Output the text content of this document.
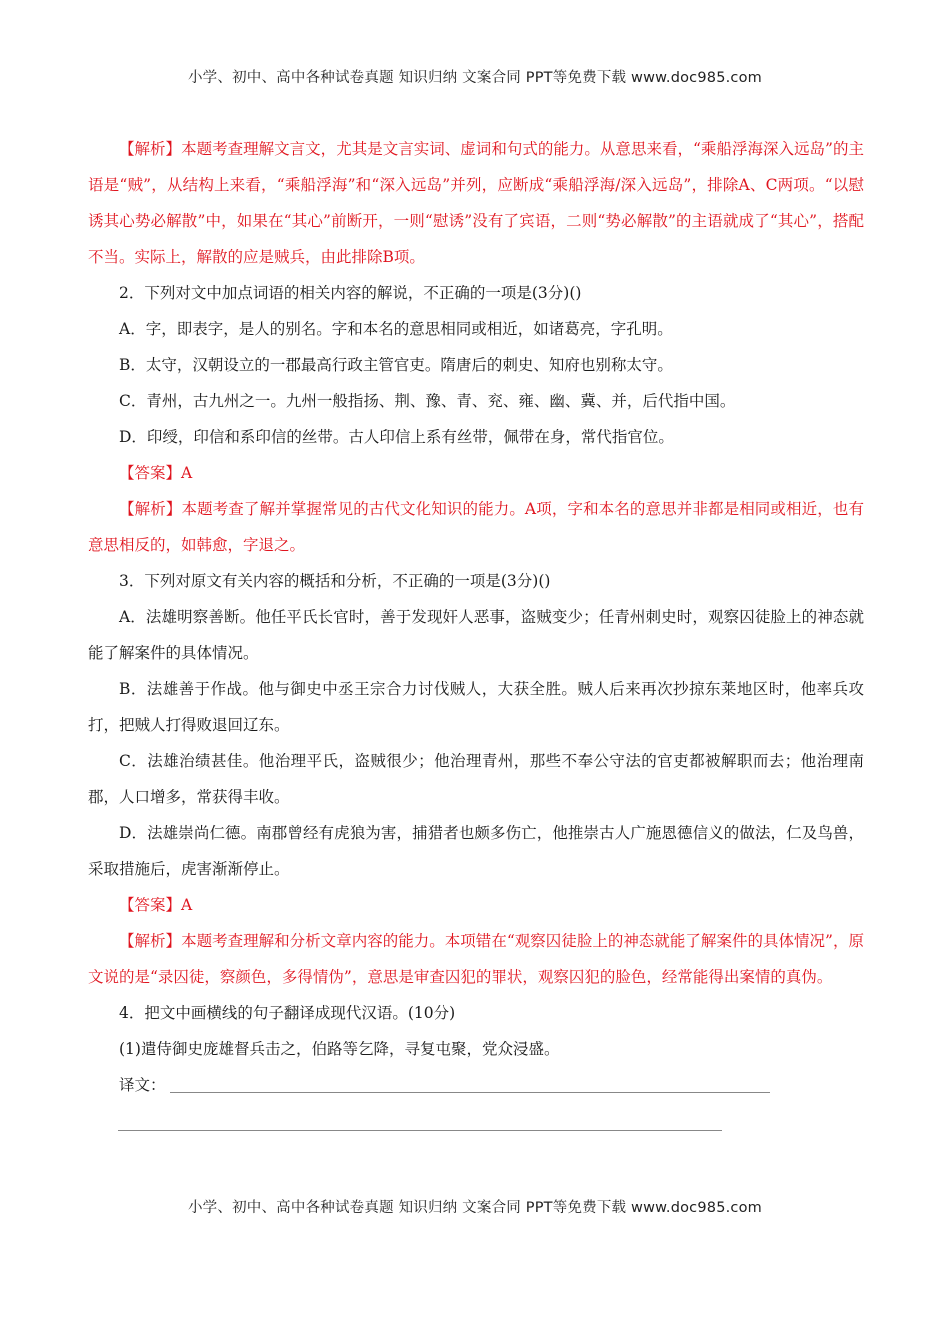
小学、初中、高中各种试卷真题 知识归纳 文案合同 PPT等免费下载 www.doc985.com

【解析】本题考查理解文言文，尤其是文言实词、虚词和句式的能力。从意思来看，“乘船浮海深入远岛”的主语是“贼”，从结构上来看，“乘船浮海”和“深入远岛”并列，应断成“乘船浮海/深入远岛”，排除A、C两项。“以慰诱其心势必解散”中，如果在“其心”前断开，一则“慰诱”没有了宾语，二则“势必解散”的主语就成了“其心”，搭配不当。实际上，解散的应是贼兵，由此排除B项。

2．下列对文中加点词语的相关内容的解说，不正确的一项是(3分)()

A．字，即表字，是人的别名。字和本名的意思相同或相近，如诸葛亮，字孔明。

B．太守，汉朝设立的一郡最高行政主管官吏。隋唐后的刺史、知府也别称太守。

C．青州，古九州之一。九州一般指扬、荆、豫、青、兖、雍、幽、冀、并，后代指中国。

D．印绶，印信和系印信的丝带。古人印信上系有丝带，佩带在身，常代指官位。

【答案】A

【解析】本题考查了解并掌握常见的古代文化知识的能力。A项，字和本名的意思并非都是相同或相近，也有意思相反的，如韩愈，字退之。

3．下列对原文有关内容的概括和分析，不正确的一项是(3分)()

A．法雄明察善断。他任平氏长官时，善于发现奸人恶事，盗贼变少；任青州刺史时，观察囚徒脸上的神态就能了解案件的具体情况。

B．法雄善于作战。他与御史中丞王宗合力讨伐贼人，大获全胜。贼人后来再次抄掠东莱地区时，他率兵攻打，把贼人打得败退回辽东。

C．法雄治绩甚佳。他治理平氏，盗贼很少；他治理青州，那些不奉公守法的官吏都被解职而去；他治理南郡，人口增多，常获得丰收。

D．法雄崇尚仁德。南郡曾经有虎狼为害，捕猎者也颇多伤亡，他推崇古人广施恩德信义的做法，仁及鸟兽，采取措施后，虎害渐渐停止。

【答案】A

【解析】本题考查理解和分析文章内容的能力。本项错在“观察囚徒脸上的神态就能了解案件的具体情况”，原文说的是“录囚徒，察颜色，多得情伪”，意思是审查囚犯的罪状，观察囚犯的脸色，经常能得出案情的真伪。

4．把文中画横线的句子翻译成现代汉语。(10分)

(1)遣侍御史庞雄督兵击之，伯路等乞降，寻复屯聚，党众浸盛。

译文：
小学、初中、高中各种试卷真题 知识归纳 文案合同 PPT等免费下载 www.doc985.com
